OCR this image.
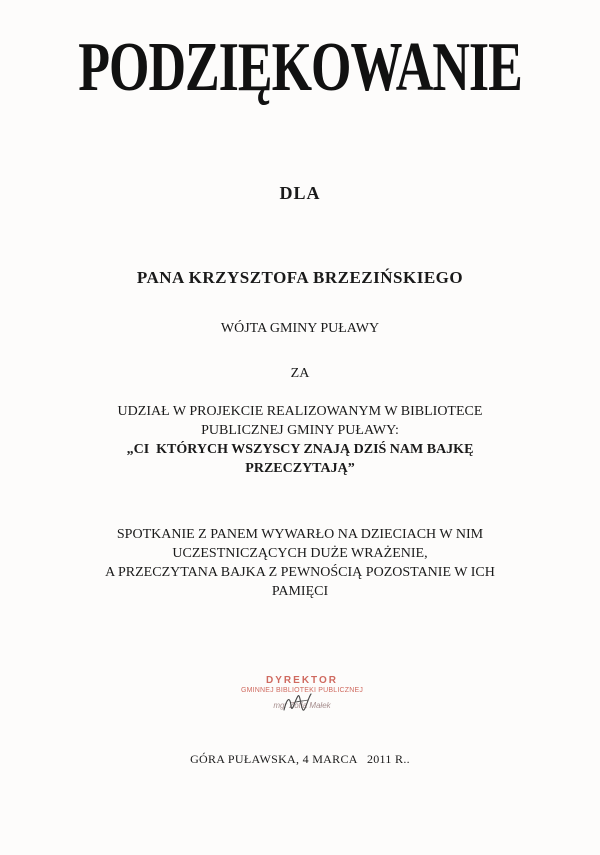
PODZIĘKOWANIE
DLA
PANA KRZYSZTOFA BRZEZIŃSKIEGO
WÓJTA GMINY PUŁAWY
ZA
UDZIAŁ W PROJEKCIE REALIZOWANYM W BIBLIOTECE
PUBLICZNEJ GMINY PUŁAWY:
„CI  KTÓRYCH WSZYSCY ZNAJĄ DZIŚ NAM BAJKĘ
PRZECZYTAJĄ”
SPOTKANIE Z PANEM WYWARŁO NA DZIECIACH W NIM
UCZESTNICZĄCYCH DUŻE WRAŻENIE,
A PRZECZYTANA BAJKA Z PEWNOŚCIĄ POZOSTANIE W ICH
PAMIĘCI
DYREKTOR
GMINNEJ BIBLIOTEKI PUBLICZNEJ
mgr Zofia Małek
GÓRA PUŁAWSKA, 4 MARCA   2011 R..
